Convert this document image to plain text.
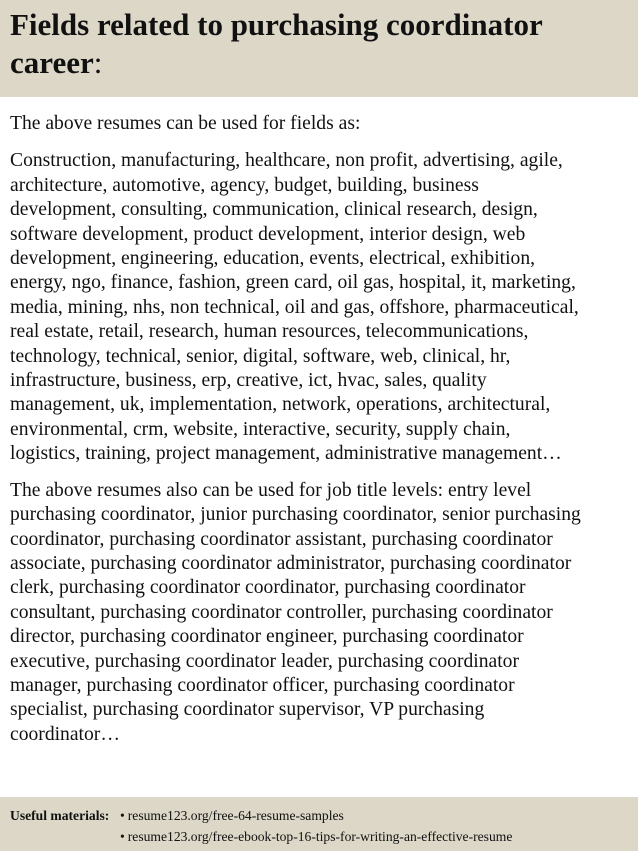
Fields related to purchasing coordinator
career:

The above resumes can be used for fields as:

Construction, manufacturing, healthcare, non profit, advertising, agile,
architecture, automotive, agency, budget, building, business
development, consulting, communication, clinical research, design,
software development, product development, interior design, web
development, engineering, education, events, electrical, exhibition,
energy, ngo, finance, fashion, green card, oil gas, hospital, it, marketing,
media, mining, nhs, non technical, oil and gas, offshore, pharmaceutical,
real estate, retail, research, human resources, telecommunications,
technology, technical, senior, digital, software, web, clinical, hr,
infrastructure, business, erp, creative, ict, hvac, sales, quality
management, uk, implementation, network, operations, architectural,
environmental, crm, website, interactive, security, supply chain,
logistics, training, project management, administrative management…

The above resumes also can be used for job title levels: entry level
purchasing coordinator, junior purchasing coordinator, senior purchasing
coordinator, purchasing coordinator assistant, purchasing coordinator
associate, purchasing coordinator administrator, purchasing coordinator
clerk, purchasing coordinator coordinator, purchasing coordinator
consultant, purchasing coordinator controller, purchasing coordinator
director, purchasing coordinator engineer, purchasing coordinator
executive, purchasing coordinator leader, purchasing coordinator
manager, purchasing coordinator officer, purchasing coordinator
specialist, purchasing coordinator supervisor, VP purchasing
coordinator…

Useful materials: • resume123.org/free-64-resume-samples
• resume123.org/free-ebook-top-16-tips-for-writing-an-effective-resume
